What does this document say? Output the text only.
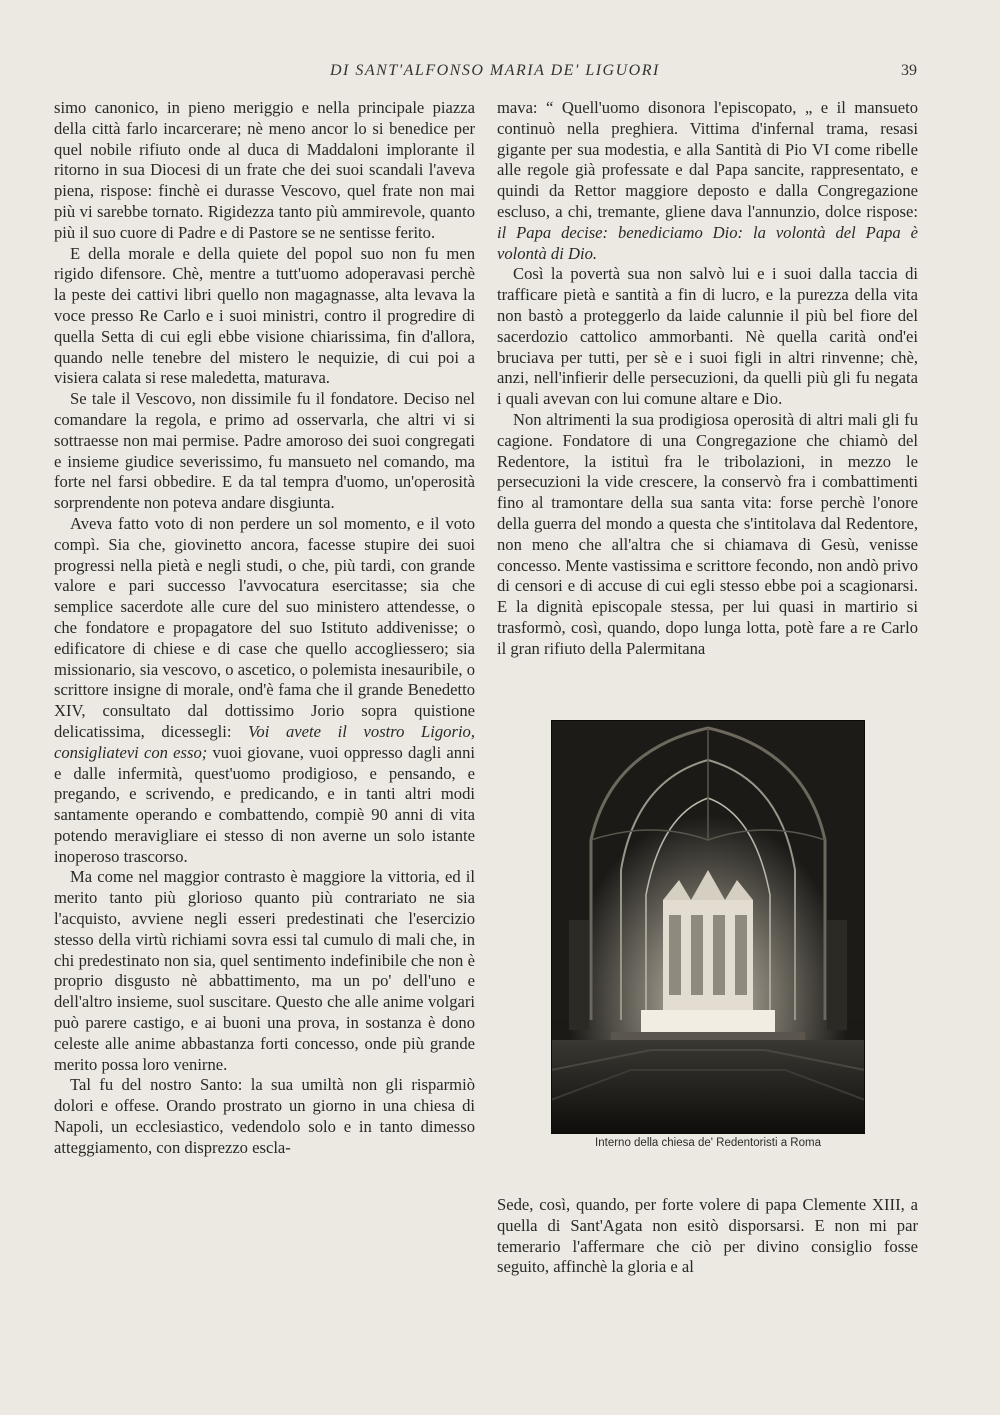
DI SANT'ALFONSO MARIA DE' LIGUORI	39

simo canonico, in pieno meriggio e nella principale piazza della città farlo incarcerare; nè meno ancor lo si benedice per quel nobile rifiuto onde al duca di Maddaloni implorante il ritorno in sua Diocesi di un frate che dei suoi scandali l'aveva piena, rispose: finchè ei durasse Vescovo, quel frate non mai più vi sarebbe tornato. Rigidezza tanto più ammirevole, quanto più il suo cuore di Padre e di Pastore se ne sentisse ferito.

E della morale e della quiete del popol suo non fu men rigido difensore. Chè, mentre a tutt'uomo adoperavasi perchè la peste dei cattivi libri quello non magagnasse, alta levava la voce presso Re Carlo e i suoi ministri, contro il progredire di quella Setta di cui egli ebbe visione chiarissima, fin d'allora, quando nelle tenebre del mistero le nequizie, di cui poi a visiera calata si rese maledetta, maturava.

Se tale il Vescovo, non dissimile fu il fondatore. Deciso nel comandare la regola, e primo ad osservarla, che altri vi si sottraesse non mai permise. Padre amoroso dei suoi congregati e insieme giudice severissimo, fu mansueto nel comando, ma forte nel farsi obbedire. E da tal tempra d'uomo, un'operosità sorprendente non poteva andare disgiunta.

Aveva fatto voto di non perdere un sol momento, e il voto compì. Sia che, giovinetto ancora, facesse stupire dei suoi progressi nella pietà e negli studi, o che, più tardi, con grande valore e pari successo l'avvocatura esercitasse; sia che semplice sacerdote alle cure del suo ministero attendesse, o che fondatore e propagatore del suo Istituto addivenisse; o edificatore di chiese e di case che quello accogliessero; sia missionario, sia vescovo, o ascetico, o polemista inesauribile, o scrittore insigne di morale, ond'è fama che il grande Benedetto XIV, consultato dal dottissimo Jorio sopra quistione delicatissima, dicessegli: Voi avete il vostro Ligorio, consigliatevi con esso; vuoi giovane, vuoi oppresso dagli anni e dalle infermità, quest'uomo prodigioso, e pensando, e pregando, e scrivendo, e predicando, e in tanti altri modi santamente operando e combattendo, compiè 90 anni di vita potendo meravigliare ei stesso di non averne un solo istante inoperoso trascorso.

Ma come nel maggior contrasto è maggiore la vittoria, ed il merito tanto più glorioso quanto più contrariato ne sia l'acquisto, avviene negli esseri predestinati che l'esercizio stesso della virtù richiami sovra essi tal cumulo di mali che, in chi predestinato non sia, quel sentimento indefinibile che non è proprio disgusto nè abbattimento, ma un po' dell'uno e dell'altro insieme, suol suscitare. Questo che alle anime volgari può parere castigo, e ai buoni una prova, in sostanza è dono celeste alle anime abbastanza forti concesso, onde più grande merito possa loro venirne.

Tal fu del nostro Santo: la sua umiltà non gli risparmiò dolori e offese. Orando prostrato un giorno in una chiesa di Napoli, un ecclesiastico, vedendolo solo e in tanto dimesso atteggiamento, con disprezzo escla-

mava: “ Quell'uomo disonora l'episcopato, „ e il mansueto continuò nella preghiera. Vittima d'infernal trama, resasi gigante per sua modestia, e alla Santità di Pio VI come ribelle alle regole già professate e dal Papa sancite, rappresentato, e quindi da Rettor maggiore deposto e dalla Congregazione escluso, a chi, tremante, gliene dava l'annunzio, dolce rispose: il Papa decise: benediciamo Dio: la volontà del Papa è volontà di Dio.

Così la povertà sua non salvò lui e i suoi dalla taccia di trafficare pietà e santità a fin di lucro, e la purezza della vita non bastò a proteggerlo da laide calunnie il più bel fiore del sacerdozio cattolico ammorbanti. Nè quella carità ond'ei bruciava per tutti, per sè e i suoi figli in altri rinvenne; chè, anzi, nell'infierir delle persecuzioni, da quelli più gli fu negata i quali avevan con lui comune altare e Dio.

Non altrimenti la sua prodigiosa operosità di altri mali gli fu cagione. Fondatore di una Congregazione che chiamò del Redentore, la istituì fra le tribolazioni, in mezzo le persecuzioni la vide crescere, la conservò fra i combattimenti fino al tramontare della sua santa vita: forse perchè l'onore della guerra del mondo a questa che s'intitolava dal Redentore, non meno che all'altra che si chiamava di Gesù, venisse concesso. Mente vastissima e scrittore fecondo, non andò privo di censori e di accuse di cui egli stesso ebbe poi a scagionarsi. E la dignità episcopale stessa, per lui quasi in martirio si trasformò, così, quando, dopo lunga lotta, potè fare a re Carlo il gran rifiuto della Palermitana

Sede, così, quando, per forte volere di papa Clemente XIII, a quella di Sant'Agata non esitò disporsarsi. E non mi par temerario l'affermare che ciò per divino consiglio fosse seguito, affinchè la gloria e al

Interno della chiesa de' Redentoristi a Roma
